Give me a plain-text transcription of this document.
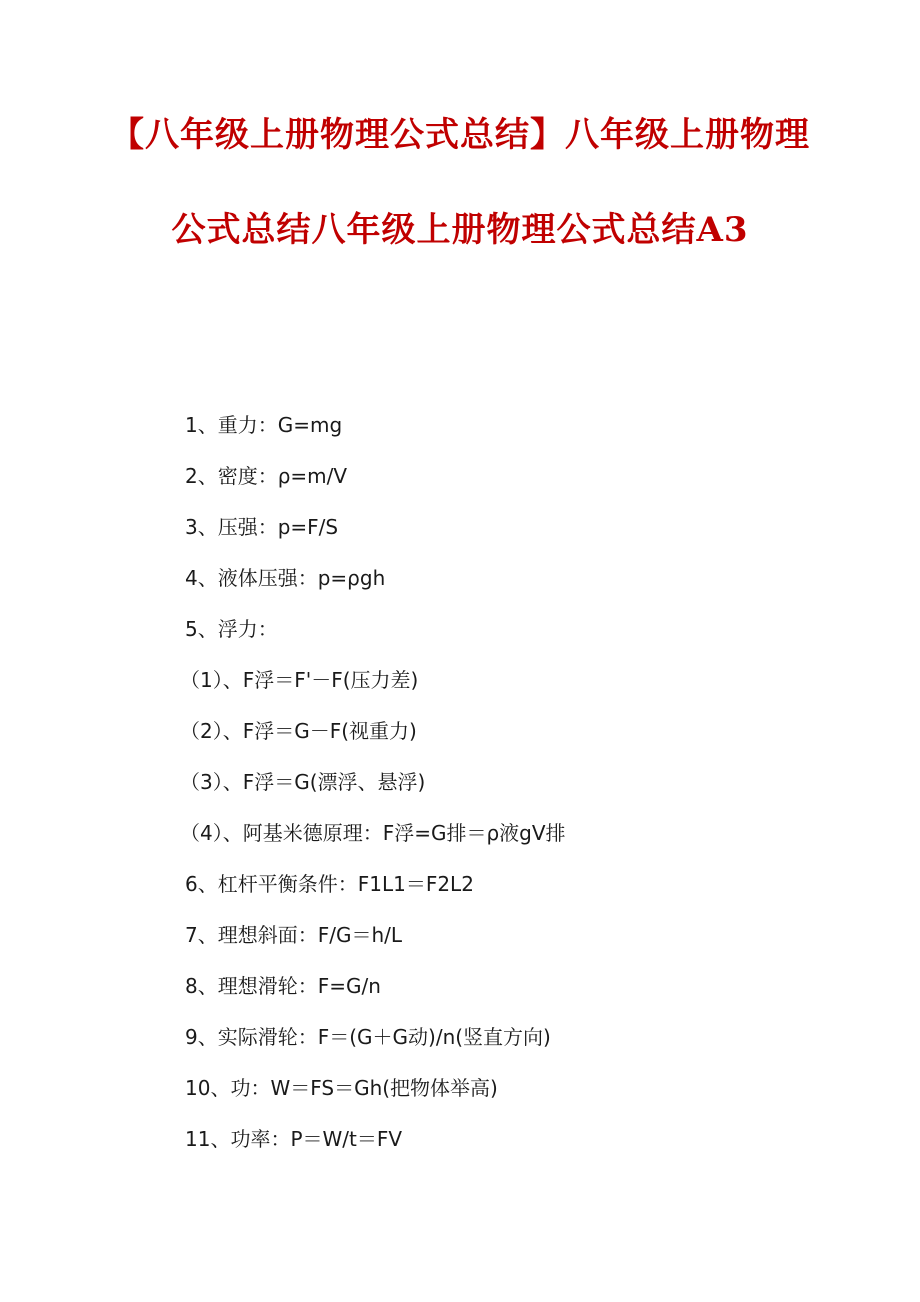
【八年级上册物理公式总结】八年级上册物理公式总结八年级上册物理公式总结A3
1、重力：G=mg
2、密度：ρ=m/V
3、压强：p=F/S
4、液体压强：p=ρgh
5、浮力：
（1）、F浮＝F'－F(压力差)
（2）、F浮＝G－F(视重力)
（3）、F浮＝G(漂浮、悬浮)
（4）、阿基米德原理：F浮=G排＝ρ液gV排
6、杠杆平衡条件：F1L1＝F2L2
7、理想斜面：F/G＝h/L
8、理想滑轮：F=G/n
9、实际滑轮：F＝(G＋G动)/n(竖直方向)
10、功：W＝FS＝Gh(把物体举高)
11、功率：P＝W/t＝FV
